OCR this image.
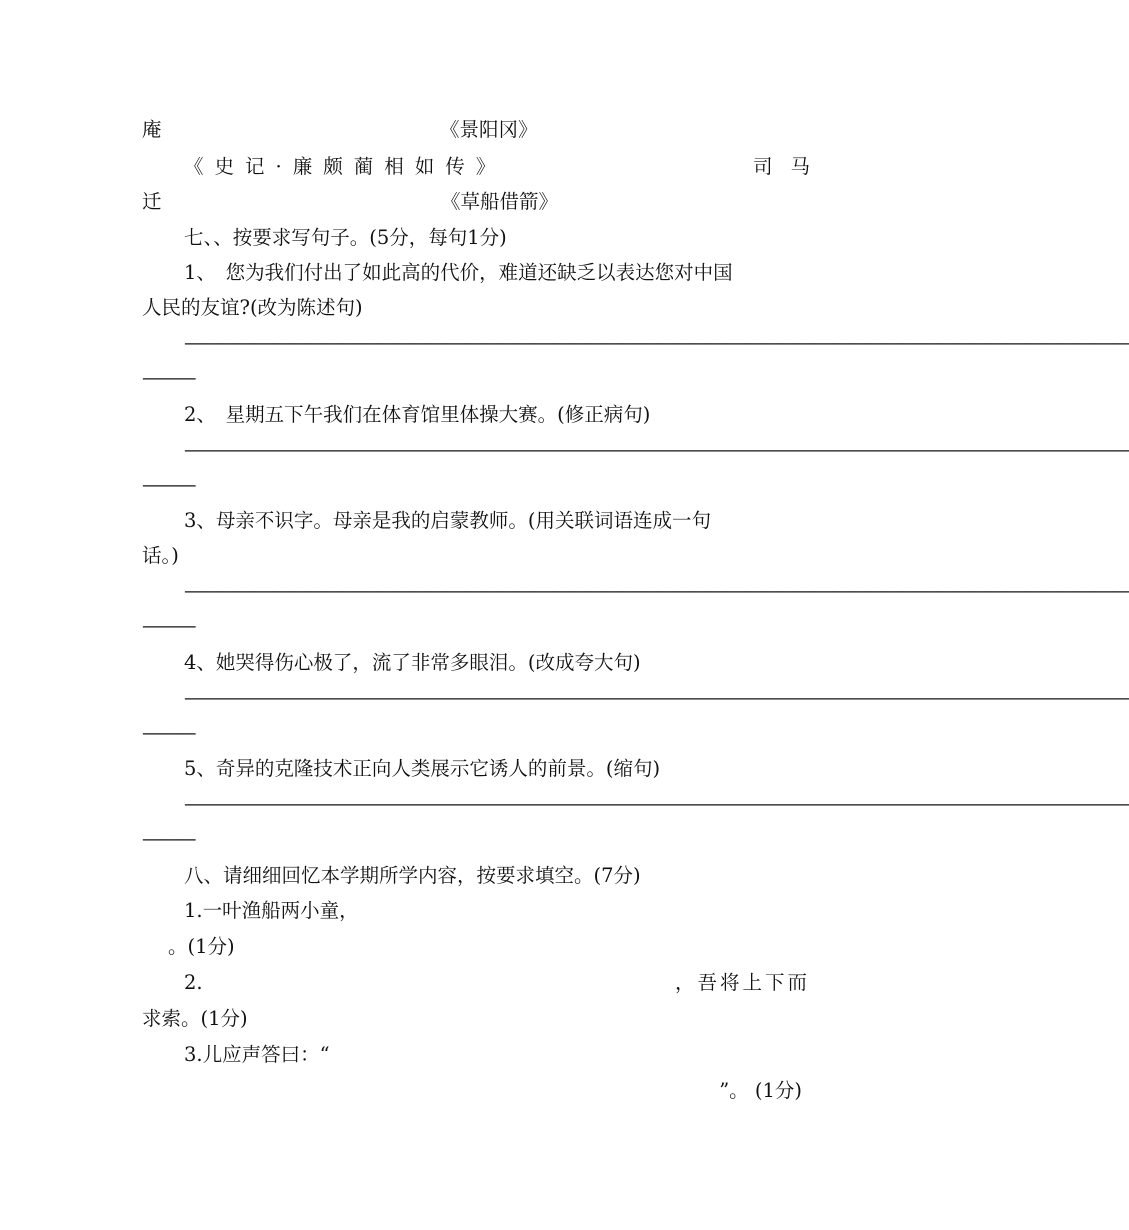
庵	《景阳冈》
《史记·廉颇蔺相如传》	司马
迁	《草船借箭》
七、、按要求写句子。(5分，每句1分)
1、　您为我们付出了如此高的代价，难道还缺乏以表达您对中国
人民的友谊?(改为陈述句)
——————————————————————————————————————————————————————
———
2、　星期五下午我们在体育馆里体操大赛。(修正病句)
——————————————————————————————————————————————————————
———
3、母亲不识字。母亲是我的启蒙教师。(用关联词语连成一句
话。)
——————————————————————————————————————————————————————
———
4、她哭得伤心极了，流了非常多眼泪。(改成夸大句)
——————————————————————————————————————————————————————
———
5、奇异的克隆技术正向人类展示它诱人的前景。(缩句)
——————————————————————————————————————————————————————
———
八、请细细回忆本学期所学内容，按要求填空。(7分)
1.一叶渔船两小童，
。(1分)
2.	，吾将上下而
求索。(1分)
3.儿应声答曰：“
”。 (1分)
